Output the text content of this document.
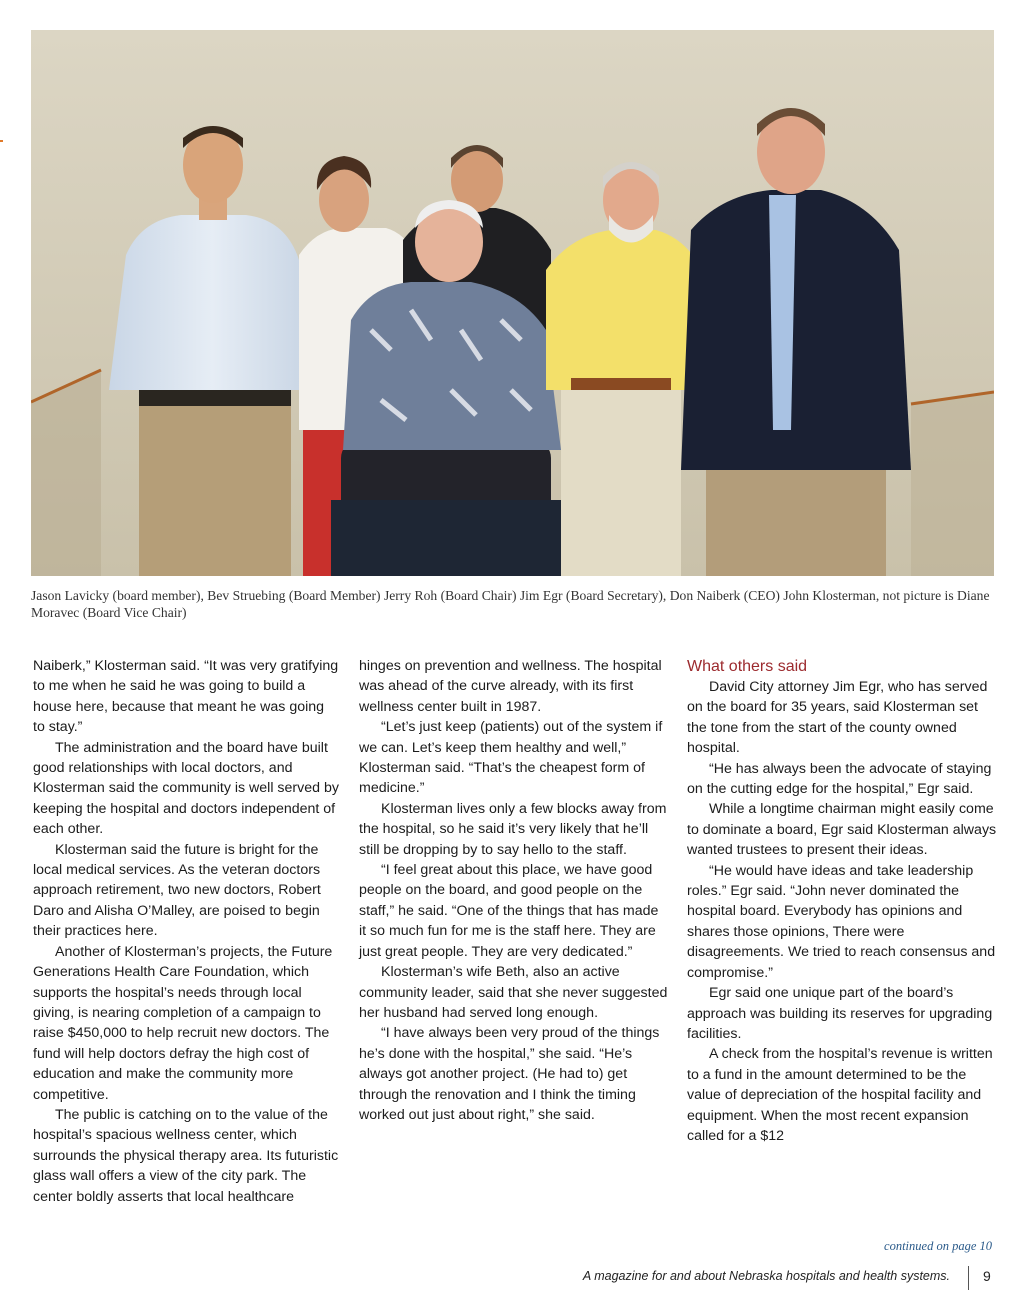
Jason Lavicky (board member), Bev Struebing (Board Member) Jerry Roh (Board Chair) Jim Egr (Board Secretary), Don Naiberk (CEO) John Klosterman, not picture is Diane Moravec (Board Vice Chair)

Naiberk,” Klosterman said. “It was very gratifying to me when he said he was going to build a house here, because that meant he was going to stay.”

The administration and the board have built good relationships with local doctors, and Klosterman said the community is well served by keeping the hospital and doctors independent of each other.

Klosterman said the future is bright for the local medical services. As the veteran doctors approach retirement, two new doctors, Robert Daro and Alisha O’Malley, are poised to begin their practices here.

Another of Klosterman’s projects, the Future Generations Health Care Foundation, which supports the hospital’s needs through local giving, is nearing completion of a campaign to raise $450,000 to help recruit new doctors. The fund will help doctors defray the high cost of education and make the community more competitive.

The public is catching on to the value of the hospital’s spacious wellness center, which surrounds the physical therapy area. Its futuristic glass wall offers a view of the city park. The center boldly asserts that local healthcare

hinges on prevention and wellness. The hospital was ahead of the curve already, with its first wellness center built in 1987.

“Let’s just keep (patients) out of the system if we can. Let’s keep them healthy and well,” Klosterman said. “That’s the cheapest form of medicine.”

Klosterman lives only a few blocks away from the hospital, so he said it’s very likely that he’ll still be dropping by to say hello to the staff.

“I feel great about this place, we have good people on the board, and good people on the staff,” he said. “One of the things that has made it so much fun for me is the staff here. They are just great people. They are very dedicated.”

Klosterman’s wife Beth, also an active community leader, said that she never suggested her husband had served long enough.

“I have always been very proud of the things he’s done with the hospital,” she said. “He’s always got another project. (He had to) get through the renovation and I think the timing worked out just about right,” she said.

What others said

David City attorney Jim Egr, who has served on the board for 35 years, said Klosterman set the tone from the start of the county owned hospital.

“He has always been the advocate of staying on the cutting edge for the hospital,” Egr said.

While a longtime chairman might easily come to dominate a board, Egr said Klosterman always wanted trustees to present their ideas.

“He would have ideas and take leadership roles.” Egr said. “John never dominated the hospital board. Everybody has opinions and shares those opinions, There were disagreements. We tried to reach consensus and compromise.”

Egr said one unique part of the board’s approach was building its reserves for upgrading facilities.

A check from the hospital’s revenue is written to a fund in the amount determined to be the value of depreciation of the hospital facility and equipment. When the most recent expansion called for a $12

continued on page 10
A magazine for and about Nebraska hospitals and health systems. 9
